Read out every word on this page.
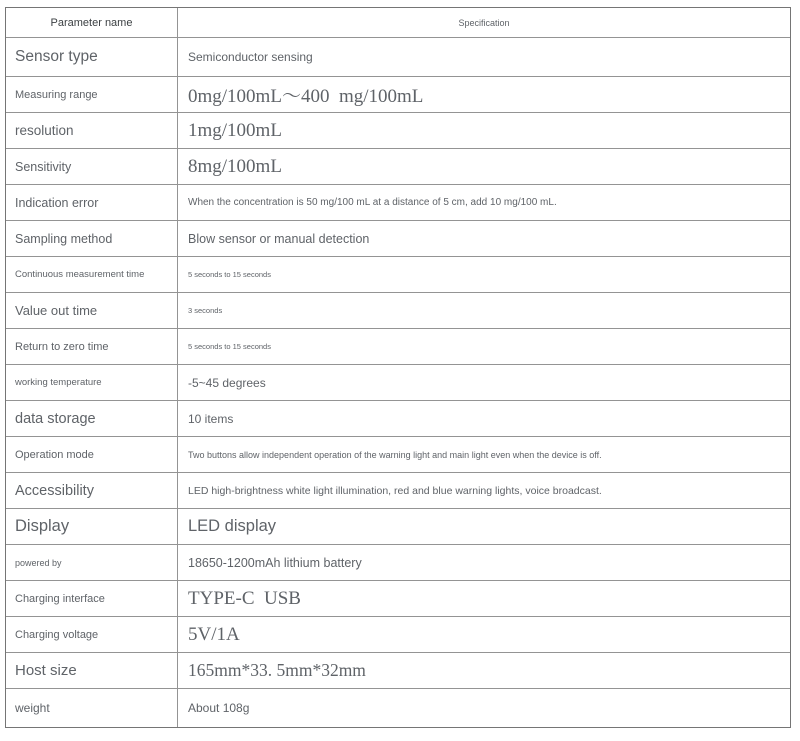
Parameter name	Specification
Sensor type	Semiconductor sensing
Measuring range	0mg/100mL～400  mg/100mL
resolution	1mg/100mL
Sensitivity	8mg/100mL
Indication error	When the concentration is 50 mg/100 mL at a distance of 5 cm, add 10 mg/100 mL.
Sampling method	Blow sensor or manual detection
Continuous measurement time	5 seconds to 15 seconds
Value out time	3 seconds
Return to zero time	5 seconds to 15 seconds
working temperature	-5~45 degrees
data storage	10 items
Operation mode	Two buttons allow independent operation of the warning light and main light even when the device is off.
Accessibility	LED high-brightness white light illumination, red and blue warning lights, voice broadcast.
Display	LED display
powered by	18650-1200mAh lithium battery
Charging interface	TYPE-C  USB
Charging voltage	5V/1A
Host size	165mm*33. 5mm*32mm
weight	About 108g
